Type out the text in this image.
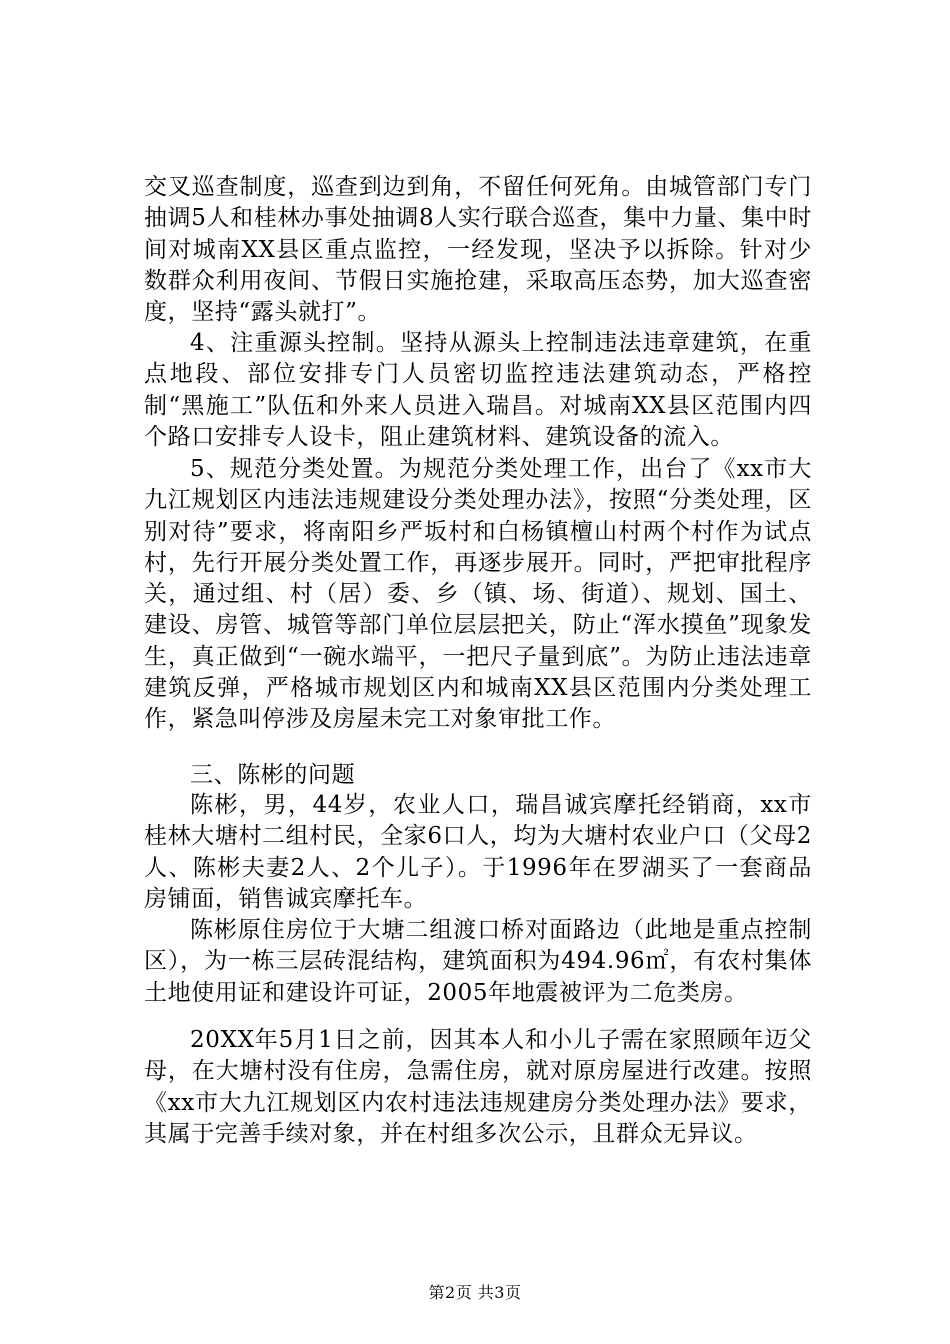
交叉巡查制度，巡查到边到角，不留任何死角。由城管部门专门抽调5人和桂林办事处抽调8人实行联合巡查，集中力量、集中时间对城南XX县区重点监控，一经发现，坚决予以拆除。针对少数群众利用夜间、节假日实施抢建，采取高压态势，加大巡查密度，坚持“露头就打”。

4、注重源头控制。坚持从源头上控制违法违章建筑，在重点地段、部位安排专门人员密切监控违法建筑动态，严格控制“黑施工”队伍和外来人员进入瑞昌。对城南XX县区范围内四个路口安排专人设卡，阻止建筑材料、建筑设备的流入。

5、规范分类处置。为规范分类处理工作，出台了《xx市大九江规划区内违法违规建设分类处理办法》，按照“分类处理，区别对待”要求，将南阳乡严坂村和白杨镇檀山村两个村作为试点村，先行开展分类处置工作，再逐步展开。同时，严把审批程序关，通过组、村（居）委、乡（镇、场、街道）、规划、国土、建设、房管、城管等部门单位层层把关，防止“浑水摸鱼”现象发生，真正做到“一碗水端平，一把尺子量到底”。为防止违法违章建筑反弹，严格城市规划区内和城南XX县区范围内分类处理工作，紧急叫停涉及房屋未完工对象审批工作。

三、陈彬的问题

陈彬，男，44岁，农业人口，瑞昌诚宾摩托经销商，xx市桂林大塘村二组村民，全家6口人，均为大塘村农业户口（父母2人、陈彬夫妻2人、2个儿子）。于1996年在罗湖买了一套商品房铺面，销售诚宾摩托车。

陈彬原住房位于大塘二组渡口桥对面路边（此地是重点控制区），为一栋三层砖混结构，建筑面积为494.96㎡，有农村集体土地使用证和建设许可证，2005年地震被评为二危类房。

20XX年5月1日之前，因其本人和小儿子需在家照顾年迈父母，在大塘村没有住房，急需住房，就对原房屋进行改建。按照《xx市大九江规划区内农村违法违规建房分类处理办法》要求，其属于完善手续对象，并在村组多次公示，且群众无异议。

第2页 共3页
